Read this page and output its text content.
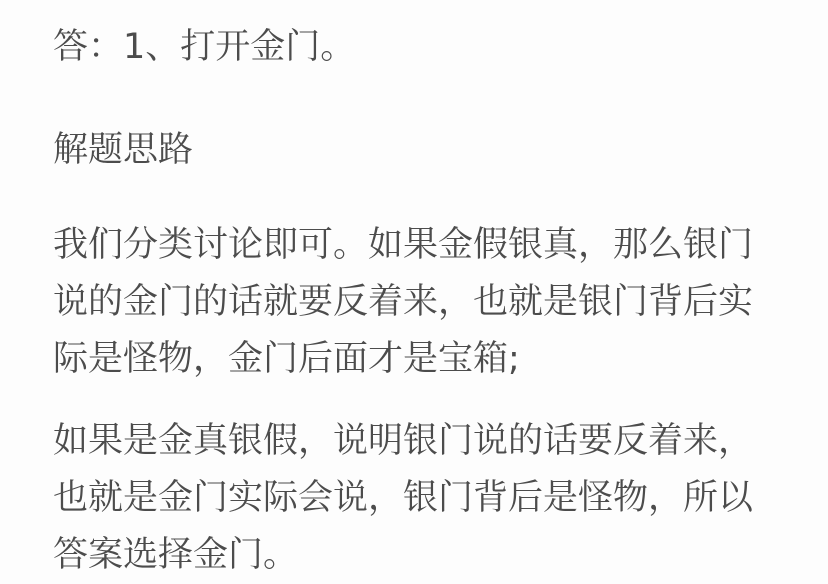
答：1、打开金门。

解题思路
我们分类讨论即可。如果金假银真，那么银门
说的金门的话就要反着来，也就是银门背后实
际是怪物，金门后面才是宝箱;
如果是金真银假，说明银门说的话要反着来，
也就是金门实际会说，银门背后是怪物，所以
答案选择金门。
